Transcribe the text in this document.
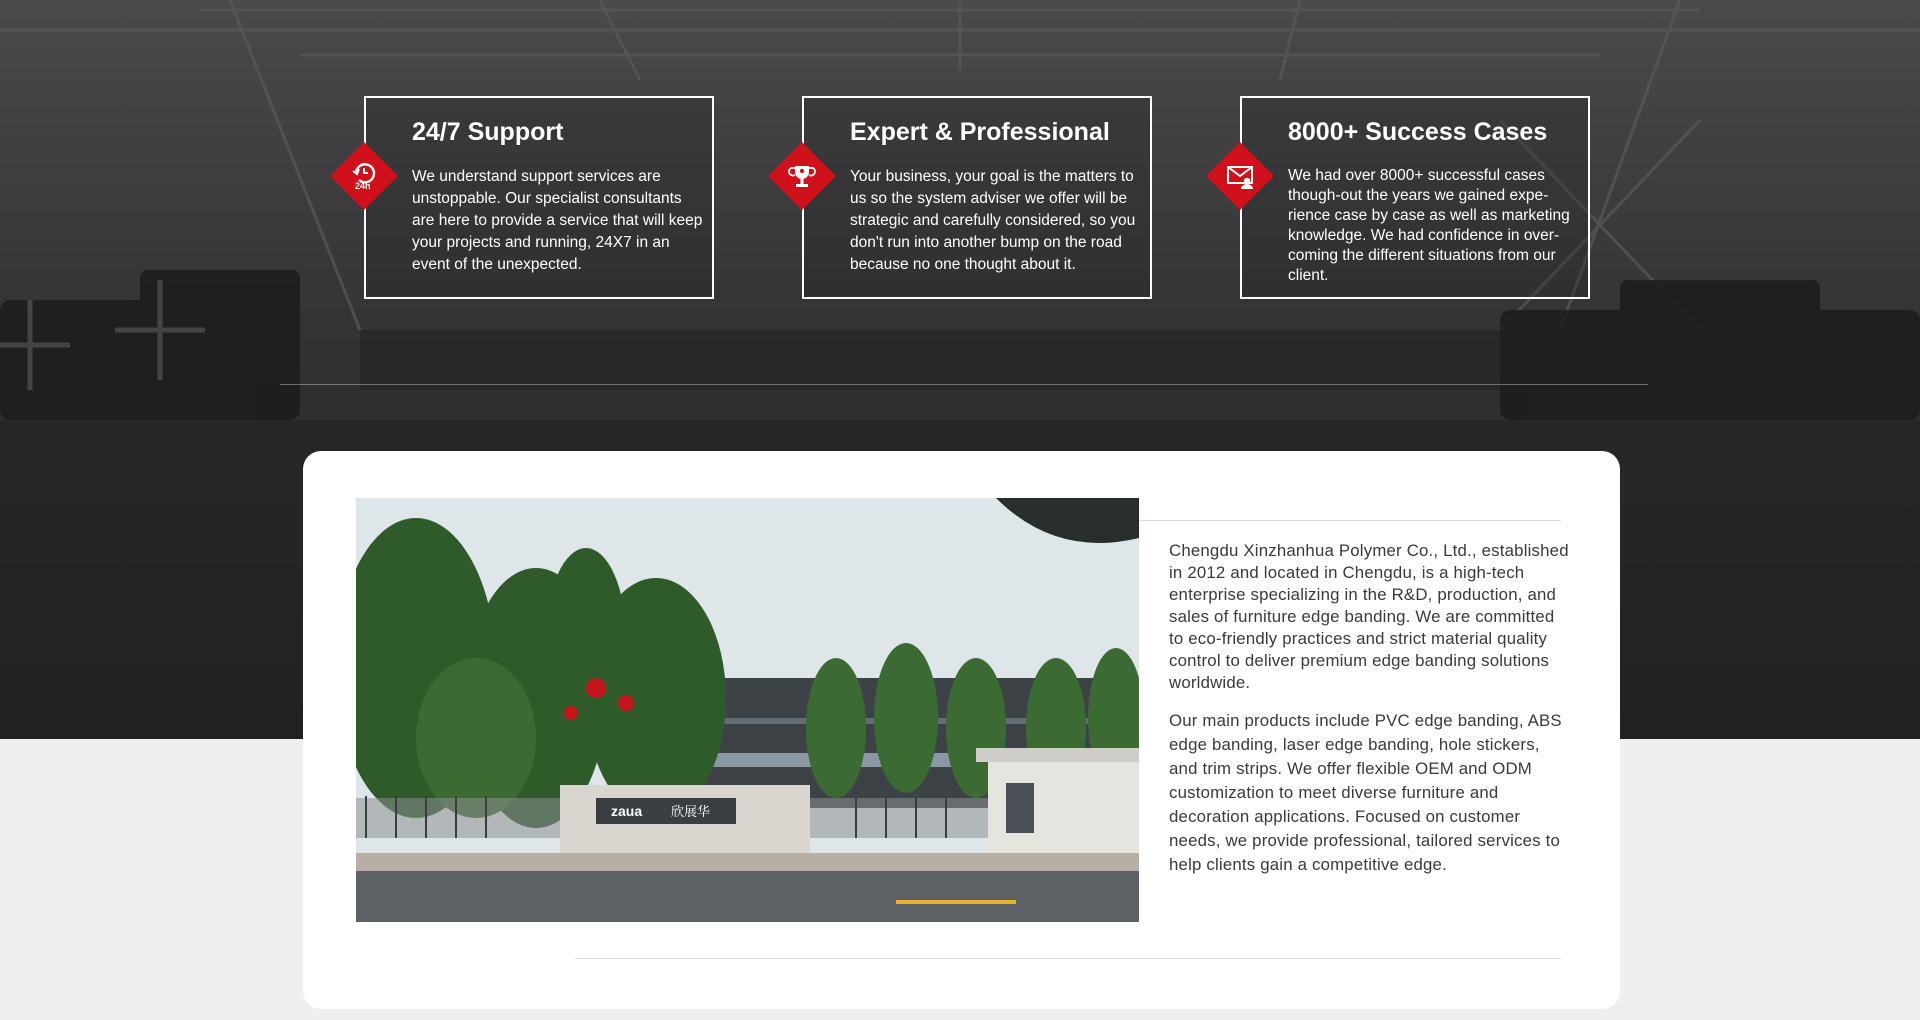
24h
24/7 Support

We understand support services are unstoppable. Our specialist consultants are here to provide a service that will keep your projects and running, 24X7 in an event of the unexpected.

Expert & Professional

Your business, your goal is the matters to us so the system adviser we offer will be strategic and carefully considered, so you don't run into another bump on the road because no one thought about it.

8000+ Success Cases

We had over 8000+ successful cases though-out the years we gained expe-rience case by case as well as marketing knowledge. We had confidence in over-coming the different situations from our client.

zaua 欣展华

Chengdu Xinzhanhua Polymer Co., Ltd., established in 2012 and located in Chengdu, is a high-tech enterprise specializing in the R&D, production, and sales of furniture edge banding. We are committed to eco-friendly practices and strict material quality control to deliver premium edge banding solutions worldwide.

Our main products include PVC edge banding, ABS edge banding, laser edge banding, hole stickers, and trim strips. We offer flexible OEM and ODM customization to meet diverse furniture and decoration applications. Focused on customer needs, we provide professional, tailored services to help clients gain a competitive edge.
